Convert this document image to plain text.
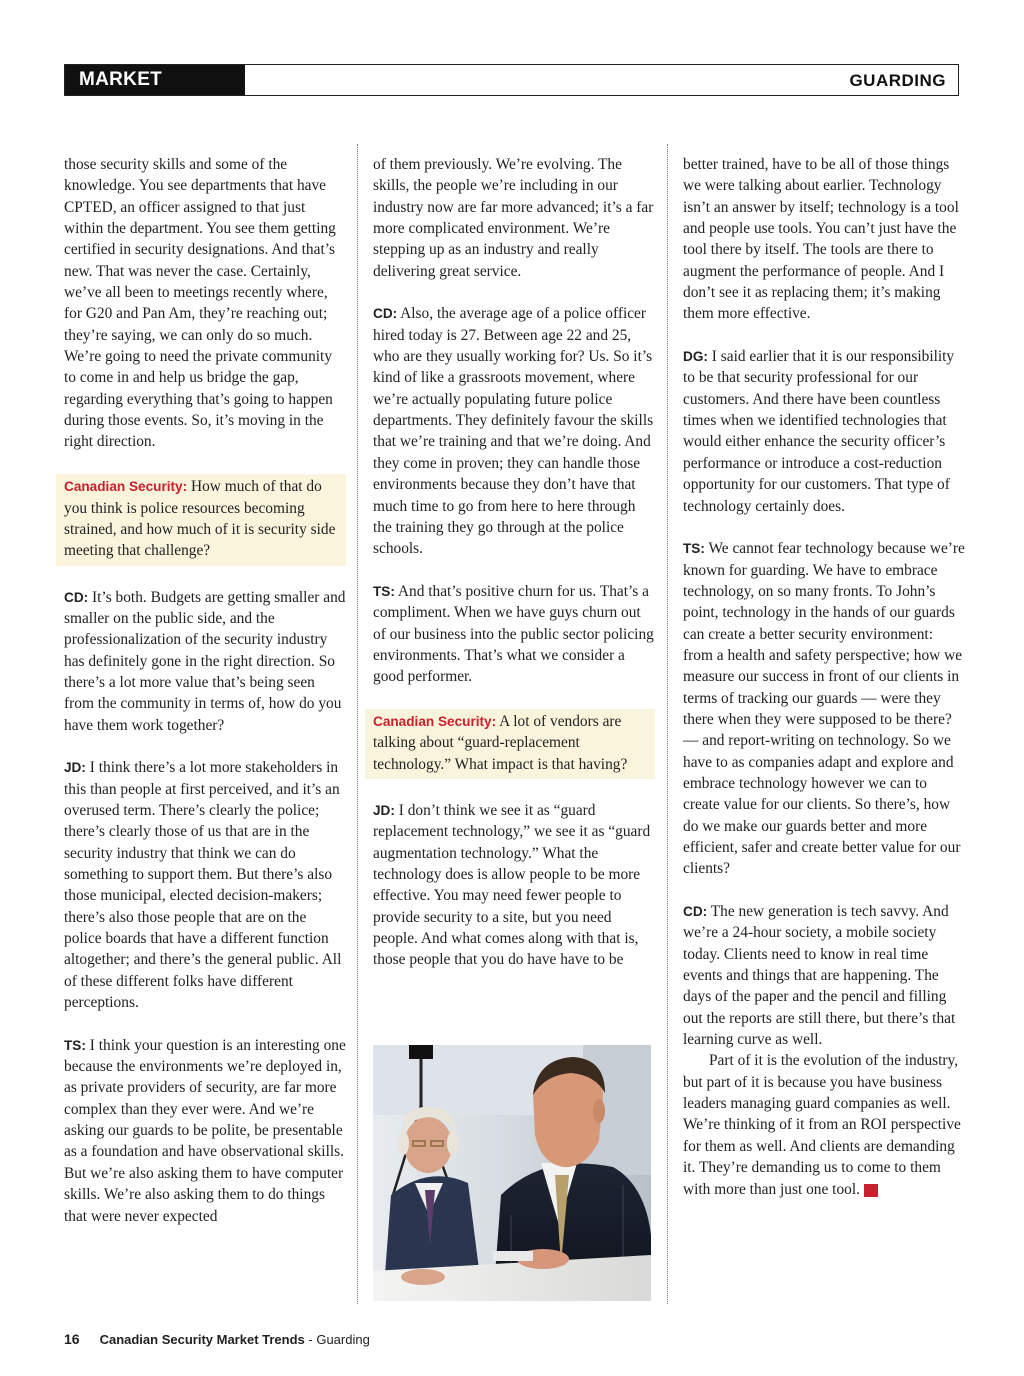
MARKET TRENDS
GUARDING

those security skills and some of the knowledge. You see departments that have CPTED, an officer assigned to that just within the department. You see them getting certified in security designations. And that’s new. That was never the case. Certainly, we’ve all been to meetings recently where, for G20 and Pan Am, they’re reaching out; they’re saying, we can only do so much. We’re going to need the private community to come in and help us bridge the gap, regarding everything that’s going to happen during those events. So, it’s moving in the right direction.

Canadian Security: How much of that do you think is police resources becoming strained, and how much of it is security side meeting that challenge?

CD: It’s both. Budgets are getting smaller and smaller on the public side, and the professionalization of the security industry has definitely gone in the right direction. So there’s a lot more value that’s being seen from the community in terms of, how do you have them work together?

JD: I think there’s a lot more stakeholders in this than people at first perceived, and it’s an overused term. There’s clearly the police; there’s clearly those of us that are in the security industry that think we can do something to support them. But there’s also those municipal, elected decision-makers; there’s also those people that are on the police boards that have a different function altogether; and there’s the general public. All of these different folks have different perceptions.

TS: I think your question is an interesting one because the environments we’re deployed in, as private providers of security, are far more complex than they ever were. And we’re asking our guards to be polite, be presentable as a foundation and have observational skills. But we’re also asking them to have computer skills. We’re also asking them to do things that were never expected

of them previously. We’re evolving. The skills, the people we’re including in our industry now are far more advanced; it’s a far more complicated environment. We’re stepping up as an industry and really delivering great service.

CD: Also, the average age of a police officer hired today is 27. Between age 22 and 25, who are they usually working for? Us. So it’s kind of like a grassroots movement, where we’re actually populating future police departments. They definitely favour the skills that we’re training and that we’re doing. And they come in proven; they can handle those environments because they don’t have that much time to go from here to here through the training they go through at the police schools.

TS: And that’s positive churn for us. That’s a compliment. When we have guys churn out of our business into the public sector policing environments. That’s what we consider a good performer.

Canadian Security: A lot of vendors are talking about “guard-replacement technology.” What impact is that having?

JD: I don’t think we see it as “guard replacement technology,” we see it as “guard augmentation technology.” What the technology does is allow people to be more effective. You may need fewer people to provide security to a site, but you need people. And what comes along with that is, those people that you do have have to be

better trained, have to be all of those things we were talking about earlier. Technology isn’t an answer by itself; technology is a tool and people use tools. You can’t just have the tool there by itself. The tools are there to augment the performance of people. And I don’t see it as replacing them; it’s making them more effective.

DG: I said earlier that it is our responsibility to be that security professional for our customers. And there have been countless times when we identified technologies that would either enhance the security officer’s performance or introduce a cost-reduction opportunity for our customers. That type of technology certainly does.

TS: We cannot fear technology because we’re known for guarding. We have to embrace technology, on so many fronts. To John’s point, technology in the hands of our guards can create a better security environment: from a health and safety perspective; how we measure our success in front of our clients in terms of tracking our guards — were they there when they were supposed to be there? — and report-writing on technology. So we have to as companies adapt and explore and embrace technology however we can to create value for our clients. So there’s, how do we make our guards better and more efficient, safer and create better value for our clients?

CD: The new generation is tech savvy. And we’re a 24-hour society, a mobile society today. Clients need to know in real time events and things that are happening. The days of the paper and the pencil and filling out the reports are still there, but there’s that learning curve as well.

Part of it is the evolution of the industry, but part of it is because you have business leaders managing guard companies as well. We’re thinking of it from an ROI perspective for them as well. And clients are demanding it. They’re demanding us to come to them with more than just one tool.	CS

16 Canadian Security Market Trends - Guarding
